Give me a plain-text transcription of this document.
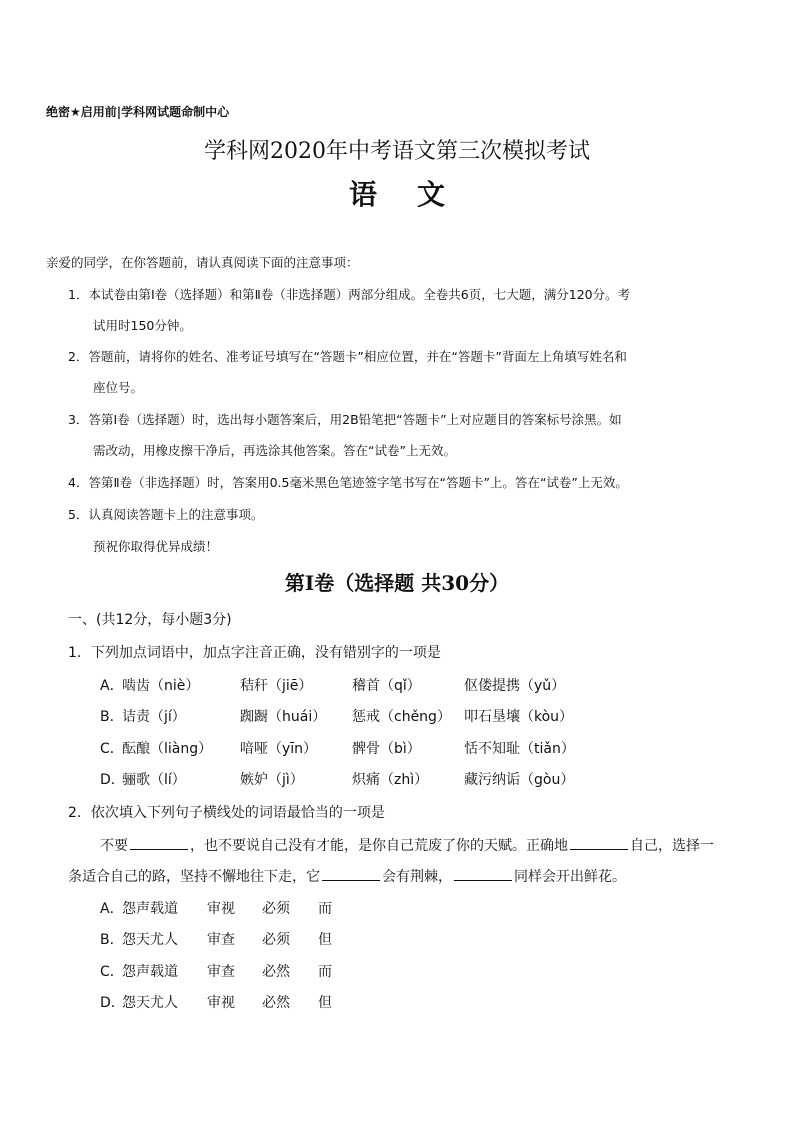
绝密★启用前|学科网试题命制中心
学科网2020年中考语文第三次模拟考试
语文
亲爱的同学，在你答题前，请认真阅读下面的注意事项：
1．本试卷由第Ⅰ卷（选择题）和第Ⅱ卷（非选择题）两部分组成。全卷共6页，七大题，满分120分。考
试用时150分钟。
2．答题前，请将你的姓名、准考证号填写在“答题卡”相应位置，并在“答题卡”背面左上角填写姓名和
座位号。
3．答第Ⅰ卷（选择题）时，选出每小题答案后，用2B铅笔把“答题卡”上对应题目的答案标号涂黑。如
需改动，用橡皮擦干净后，再选涂其他答案。答在“试卷”上无效。
4．答第Ⅱ卷（非选择题）时，答案用0.5毫米黑色笔迹签字笔书写在“答题卡”上。答在“试卷”上无效。
5．认真阅读答题卡上的注意事项。
预祝你取得优异成绩！
第Ⅰ卷（选择题 共30分）
一、(共12分，每小题3分)
1．下列加点词语中，加点字注音正确，没有错别字的一项是
A．
啮齿（niè）	秸秆（jiē）	稽首（qǐ）	伛偻提携（yǔ）
B．
诘责（jí）	踟蹰（huái） 惩戒（chěng） 叩石垦壤（kòu）
C．
酝酿（liàng） 喑哑（yīn） 髀骨（bì）	恬不知耻（tiǎn）
D．
骊歌（lí）	嫉妒（jì）	炽痛（zhì）	藏污纳诟（gòu）
2．依次填入下列句子横线处的词语最恰当的一项是
不要	，也不要说自己没有才能，是你自己荒废了你的天赋。正确地	自己，选择一
条适合自己的路，坚持不懈地往下走，它	会有荆棘，	同样会开出鲜花。
A．
怨声载道 审视 必须 而
B．
怨天尤人 审查 必须 但
C．
怨声载道 审查 必然 而
D．
怨天尤人 审视 必然 但
